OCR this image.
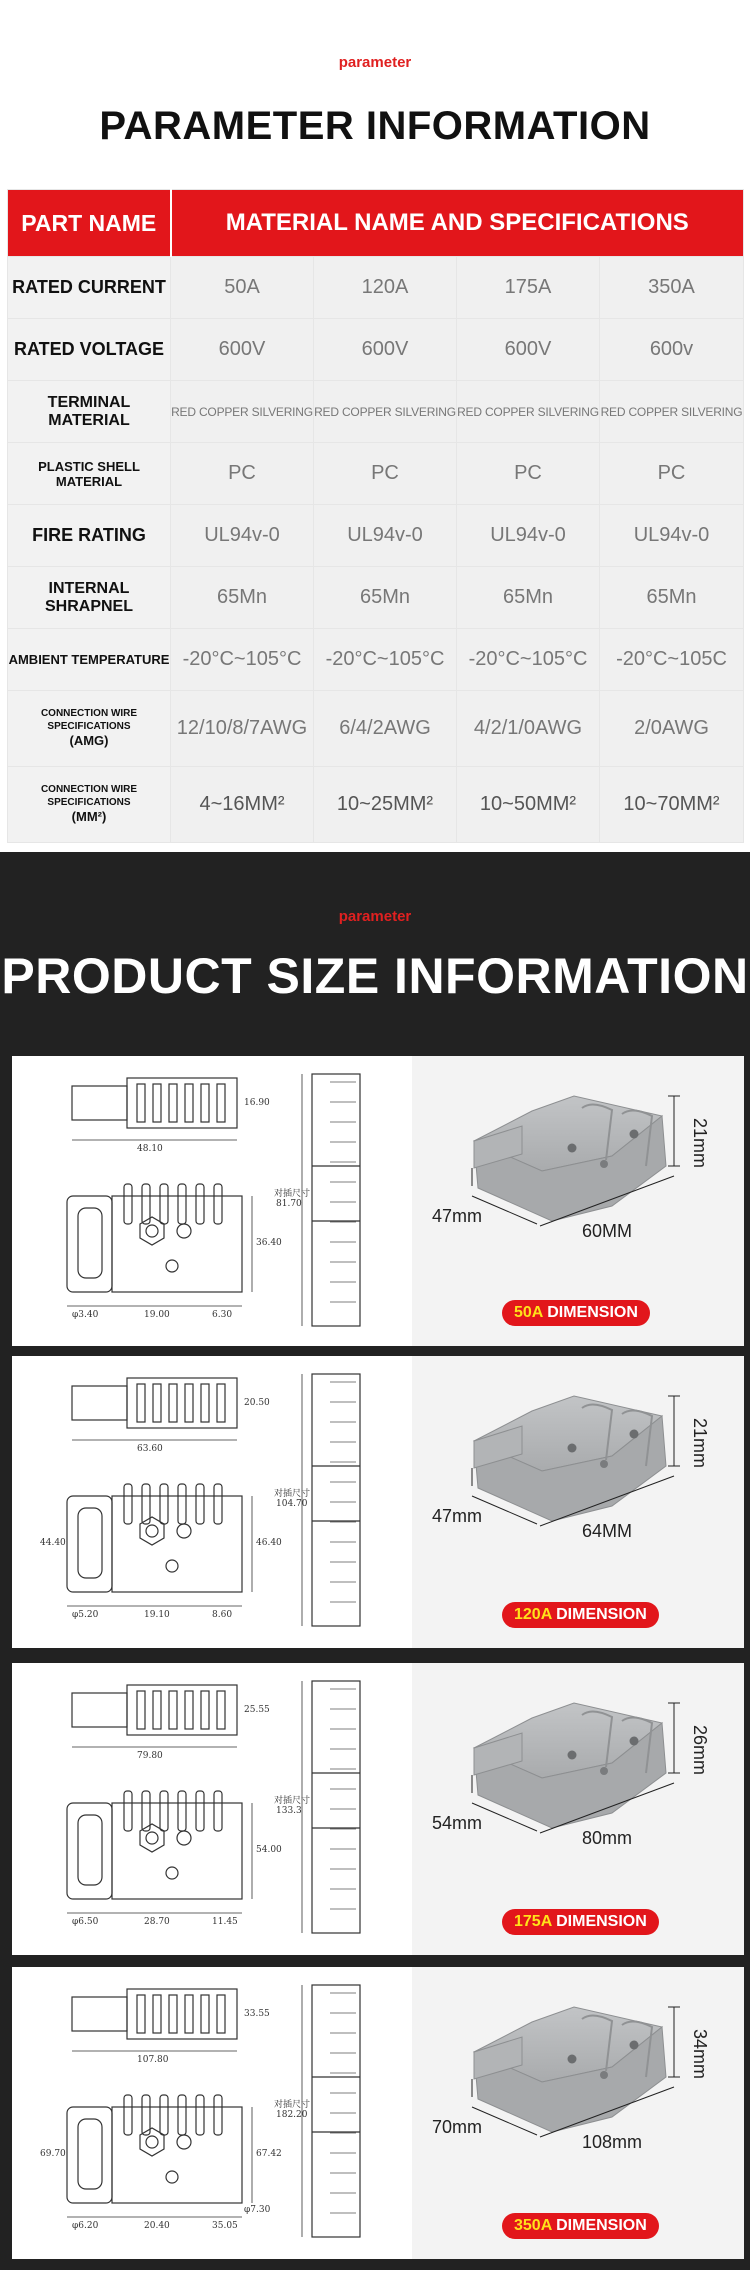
parameter
PARAMETER INFORMATION
PART NAME	MATERIAL NAME AND SPECIFICATIONS			
RATED CURRENT	50A	120A	175A	350A
RATED VOLTAGE	600V	600V	600V	600v
TERMINAL MATERIAL	RED COPPER SILVERING	RED COPPER SILVERING	RED COPPER SILVERING	RED COPPER SILVERING
PLASTIC SHELL MATERIAL	PC	PC	PC	PC
FIRE RATING	UL94v-0	UL94v-0	UL94v-0	UL94v-0
INTERNAL SHRAPNEL	65Mn	65Mn	65Mn	65Mn
AMBIENT TEMPERATURE	-20°C~105°C	-20°C~105°C	-20°C~105°C	-20°C~105C
CONNECTION WIRE SPECIFICATIONS
(AMG)	12/10/8/7AWG	6/4/2AWG	4/2/1/0AWG	2/0AWG
CONNECTION WIRE SPECIFICATIONS
(MM²)	4~16MM²	10~25MM²	10~50MM²	10~70MM²
parameter
PRODUCT SIZE INFORMATION
16.90
48.10
对插尺寸
81.70
36.40
φ3.40	19.00	6.30
21mm
47mm
60MM
50A DIMENSION
20.50
63.60
对插尺寸
104.70
46.40
φ5.20	19.10	8.60
44.40
21mm
47mm
64MM
120A DIMENSION
25.55
79.80
对插尺寸
133.3
54.00
φ6.50	28.70	11.45
26mm
54mm
80mm
175A DIMENSION
33.55
107.80
对插尺寸
182.20
67.42
φ6.20	20.40	35.05
φ7.30
69.70
34mm
70mm
108mm
350A DIMENSION
